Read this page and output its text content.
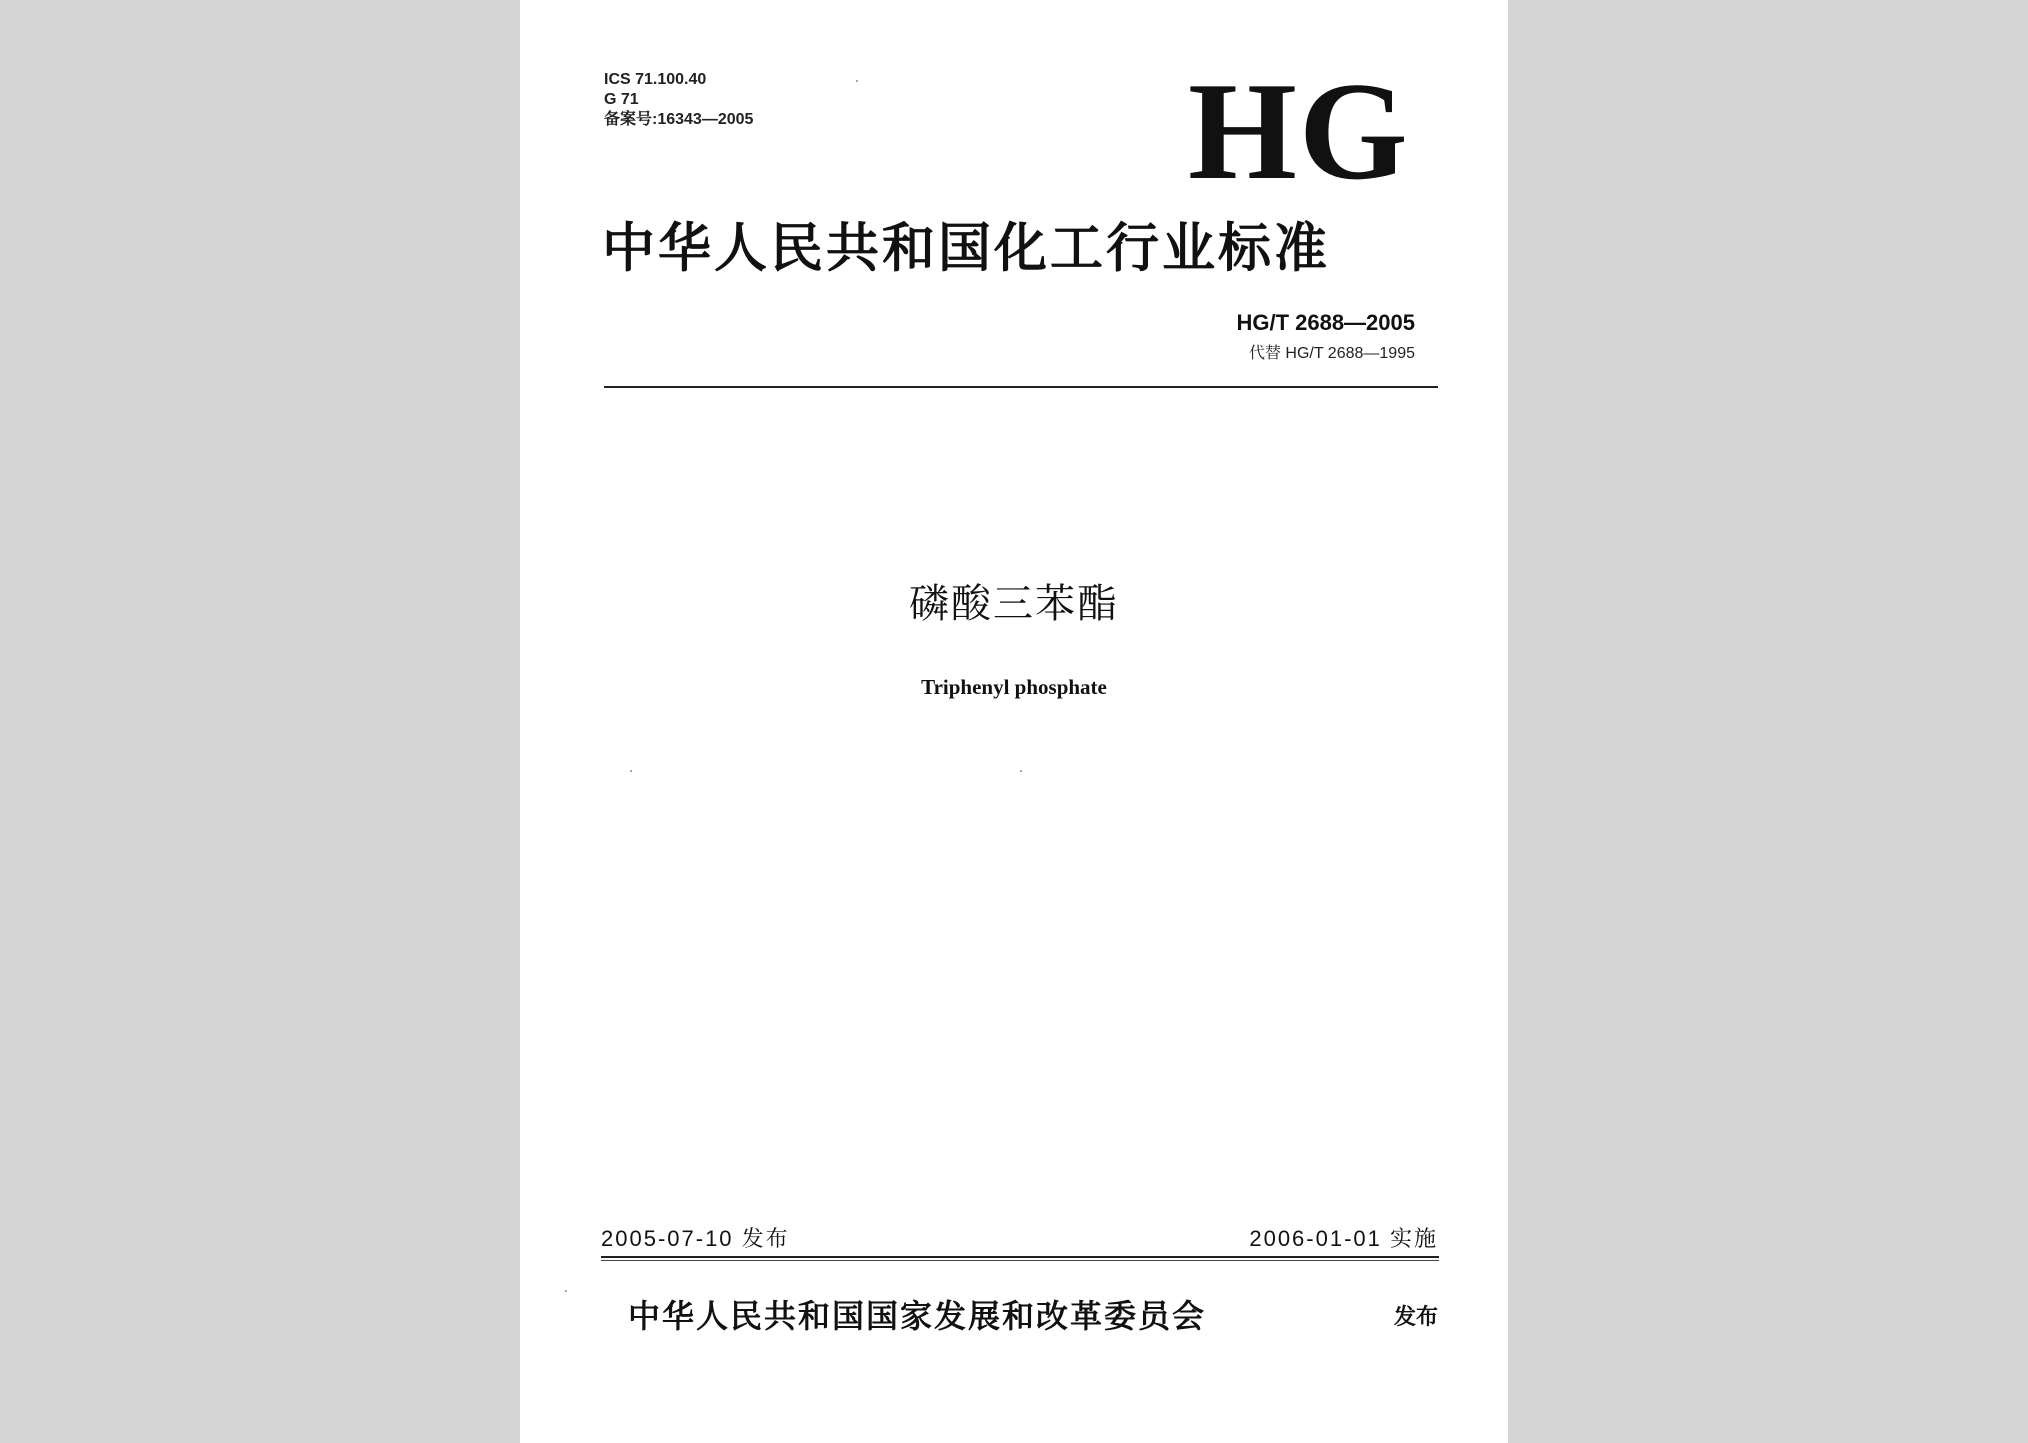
ICS 71.100.40
G 71
备案号:16343—2005	HG
中华人民共和国化工行业标准
HG/T 2688—2005
代替 HG/T 2688—1995
磷酸三苯酯
Triphenyl phosphate
2005-07-10 发布	2006-01-01 实施
中华人民共和国国家发展和改革委员会	发布
